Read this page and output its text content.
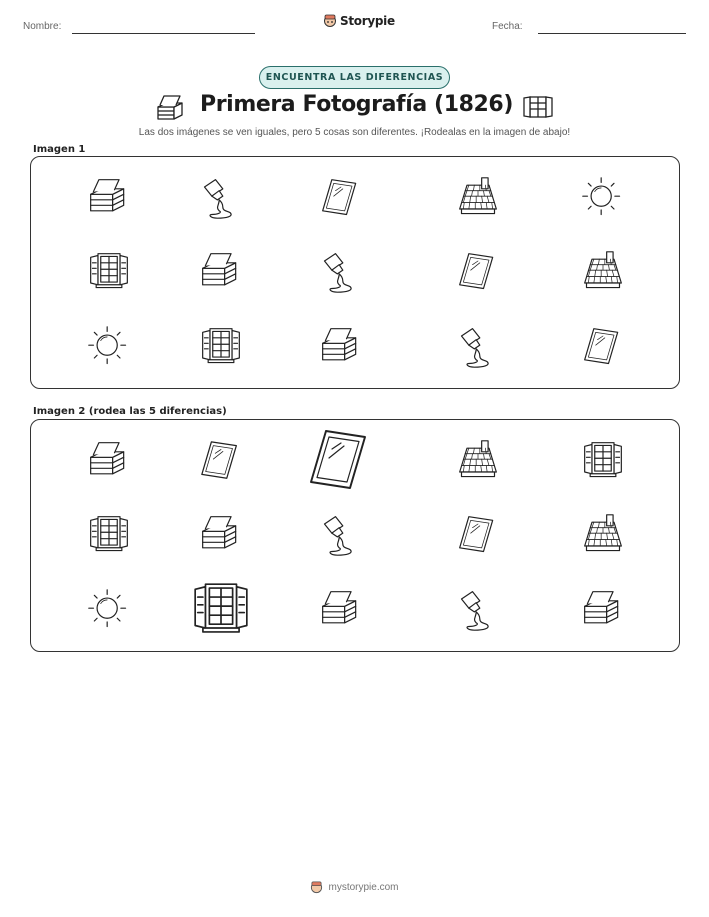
Nombre:	Storypie	Fecha:
ENCUENTRA LAS DIFERENCIAS
Primera Fotografía (1826)
Las dos imágenes se ven iguales, pero 5 cosas son diferentes. ¡Rodealas en la imagen de abajo!
Imagen 1
Imagen 2 (rodea las 5 diferencias)
mystorypie.com
